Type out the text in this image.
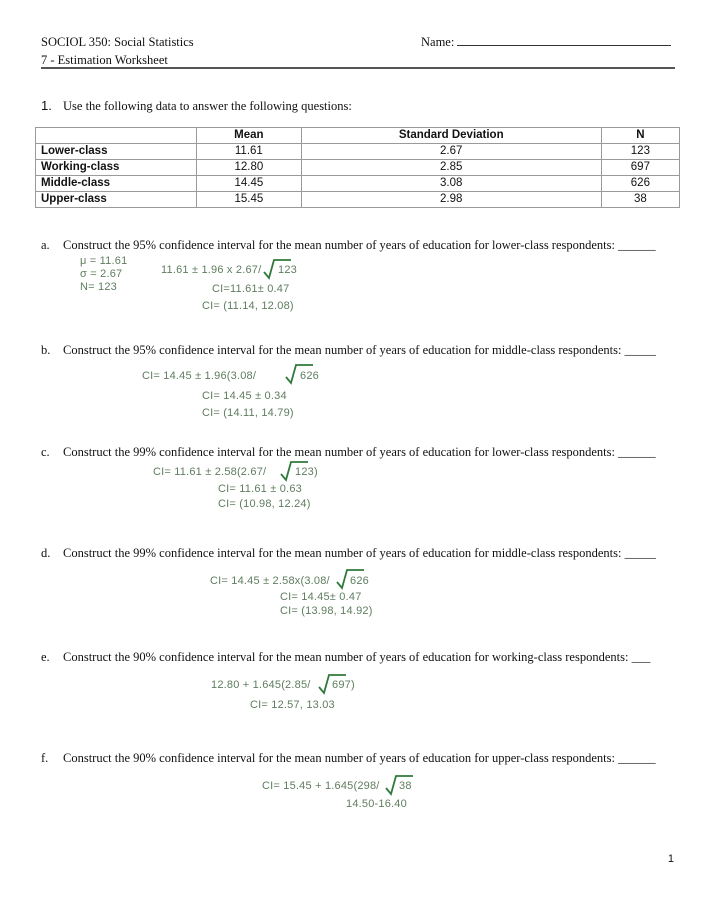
SOCIOL 350: Social Statistics
7 - Estimation Worksheet
Name:
1. Use the following data to answer the following questions:
	Mean	Standard Deviation	N
Lower-class	11.61	2.67	123
Working-class	12.80	2.85	697
Middle-class	14.45	3.08	626
Upper-class	15.45	2.98	38
a. Construct the 95% confidence interval for the mean number of years of education for lower-class respondents: ______
μ = 11.61
σ = 2.67
N= 123
11.61 ± 1.96 x 2.67/ 123
CI=11.61± 0.47
CI= (11.14, 12.08)
b. Construct the 95% confidence interval for the mean number of years of education for middle-class respondents: _____
CI= 14.45 ± 1.96(3.08/	626
CI= 14.45 ± 0.34
CI= (14.11, 14.79)
c. Construct the 99% confidence interval for the mean number of years of education for lower-class respondents: ______
CI= 11.61 ± 2.58(2.67/	123)
CI= 11.61 ± 0.63
CI= (10.98, 12.24)
d. Construct the 99% confidence interval for the mean number of years of education for middle-class respondents: _____
CI= 14.45 ± 2.58x(3.08/ 626
CI= 14.45± 0.47
CI= (13.98, 14.92)
e. Construct the 90% confidence interval for the mean number of years of education for working-class respondents: ___
12.80 + 1.645(2.85/ 697)
CI= 12.57, 13.03
f. Construct the 90% confidence interval for the mean number of years of education for upper-class respondents: ______
CI= 15.45 + 1.645(298/ 38
14.50-16.40
1
